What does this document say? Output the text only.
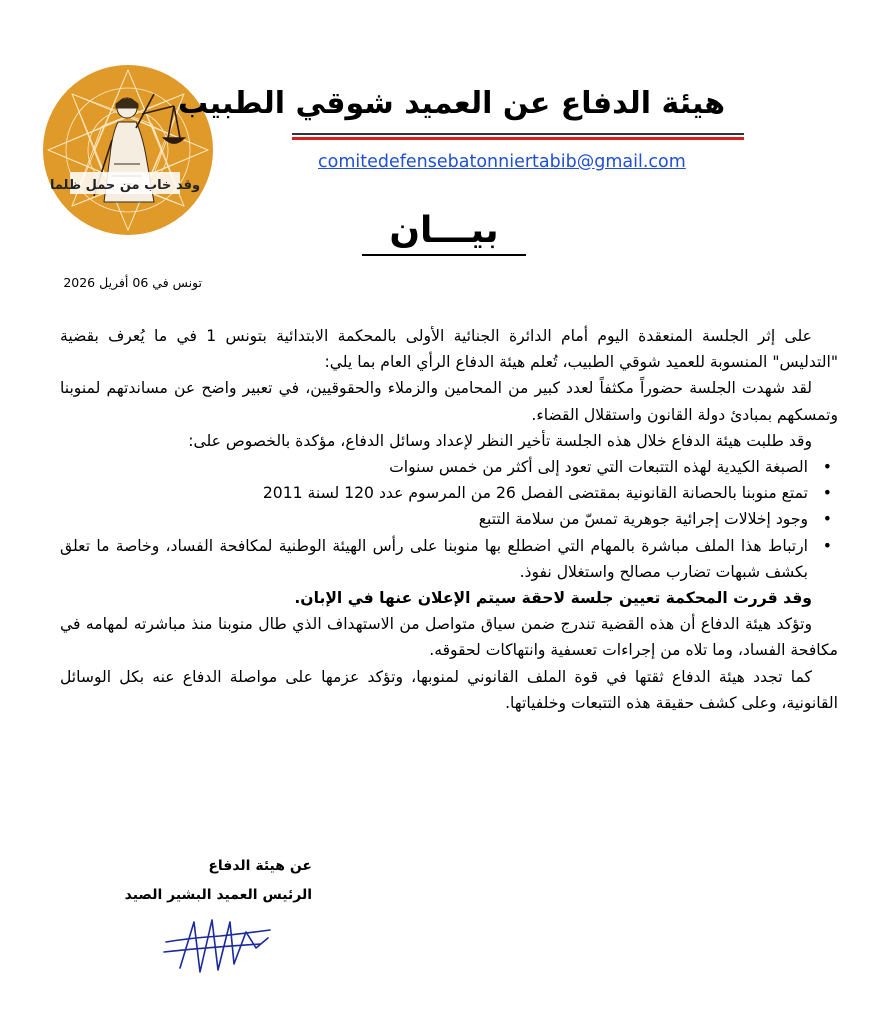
وقد خاب من حمل ظلما
هيئة الدفاع عن العميد شوقي الطبيب
comitedefensebatonniertabib@gmail.com
بيـــان
تونس في 06 أفريل 2026

على إثر الجلسة المنعقدة اليوم أمام الدائرة الجنائية الأولى بالمحكمة الابتدائية بتونس 1 في ما يُعرف بقضية "التدليس" المنسوبة للعميد شوقي الطبيب، تُعلم هيئة الدفاع الرأي العام بما يلي:

لقد شهدت الجلسة حضوراً مكثفاً لعدد كبير من المحامين والزملاء والحقوقيين، في تعبير واضح عن مساندتهم لمنوبنا وتمسكهم بمبادئ دولة القانون واستقلال القضاء.

وقد طلبت هيئة الدفاع خلال هذه الجلسة تأخير النظر لإعداد وسائل الدفاع، مؤكدة بالخصوص على:

•
الصبغة الكيدية لهذه التتبعات التي تعود إلى أكثر من خمس سنوات
•
تمتع منوبنا بالحصانة القانونية بمقتضى الفصل 26 من المرسوم عدد 120 لسنة 2011
•
وجود إخلالات إجرائية جوهرية تمسّ من سلامة التتبع
•
ارتباط هذا الملف مباشرة بالمهام التي اضطلع بها منوبنا على رأس الهيئة الوطنية لمكافحة الفساد، وخاصة ما تعلق بكشف شبهات تضارب مصالح واستغلال نفوذ.

وقد قررت المحكمة تعيين جلسة لاحقة سيتم الإعلان عنها في الإبان.

وتؤكد هيئة الدفاع أن هذه القضية تندرج ضمن سياق متواصل من الاستهداف الذي طال منوبنا منذ مباشرته لمهامه في مكافحة الفساد، وما تلاه من إجراءات تعسفية وانتهاكات لحقوقه.

كما تجدد هيئة الدفاع ثقتها في قوة الملف القانوني لمنوبها، وتؤكد عزمها على مواصلة الدفاع عنه بكل الوسائل القانونية، وعلى كشف حقيقة هذه التتبعات وخلفياتها.

عن هيئة الدفاع
الرئيس العميد البشير الصيد
